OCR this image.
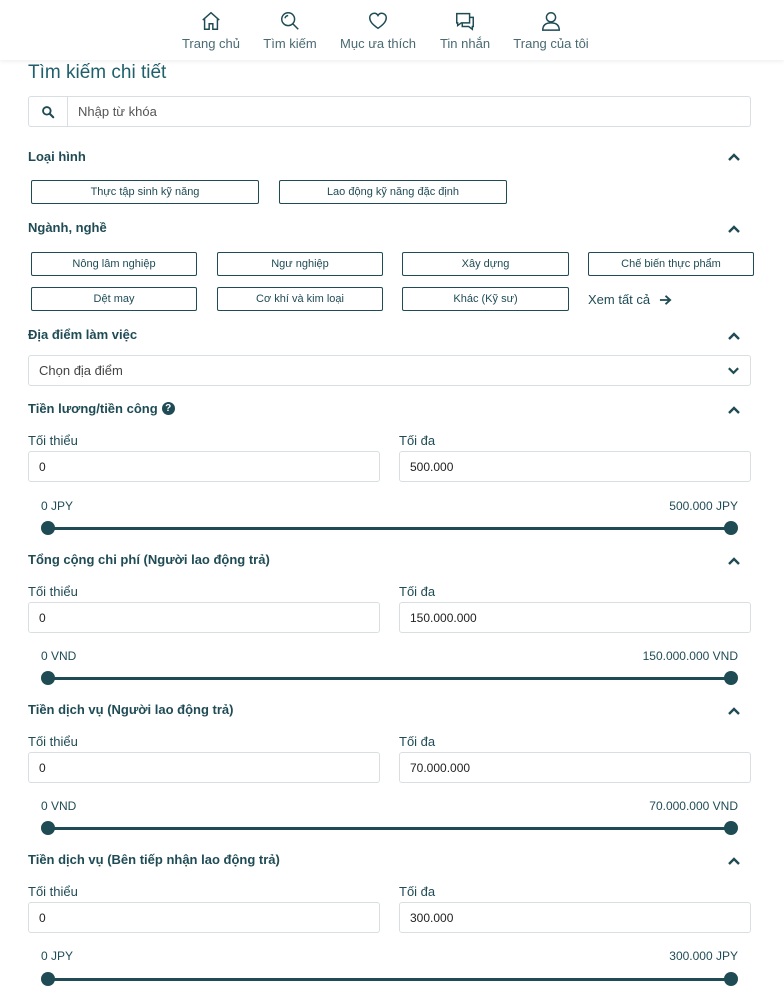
Trang chủ Tìm kiếm Mục ưa thích Tin nhắn Trang của tôi
Tìm kiếm chi tiết
Nhập từ khóa
Loại hình
Thực tập sinh kỹ năng	Lao động kỹ năng đặc định
Ngành, nghề
Nông lâm nghiệp	Ngư nghiệp	Xây dựng	Chế biến thực phẩm
Dệt may	Cơ khí và kim loại	Khác (Kỹ sư)	Xem tất cả
Địa điểm làm việc
Chọn địa điểm
Tiền lương/tiền công ?
Tối thiểu	Tối đa
0	500.000
0 JPY	500.000 JPY
Tổng cộng chi phí (Người lao động trả)
Tối thiểu	Tối đa
0	150.000.000
0 VND	150.000.000 VND
Tiền dịch vụ (Người lao động trả)
Tối thiểu	Tối đa
0	70.000.000
0 VND	70.000.000 VND
Tiền dịch vụ (Bên tiếp nhận lao động trả)
Tối thiểu	Tối đa
0	300.000
0 JPY	300.000 JPY
